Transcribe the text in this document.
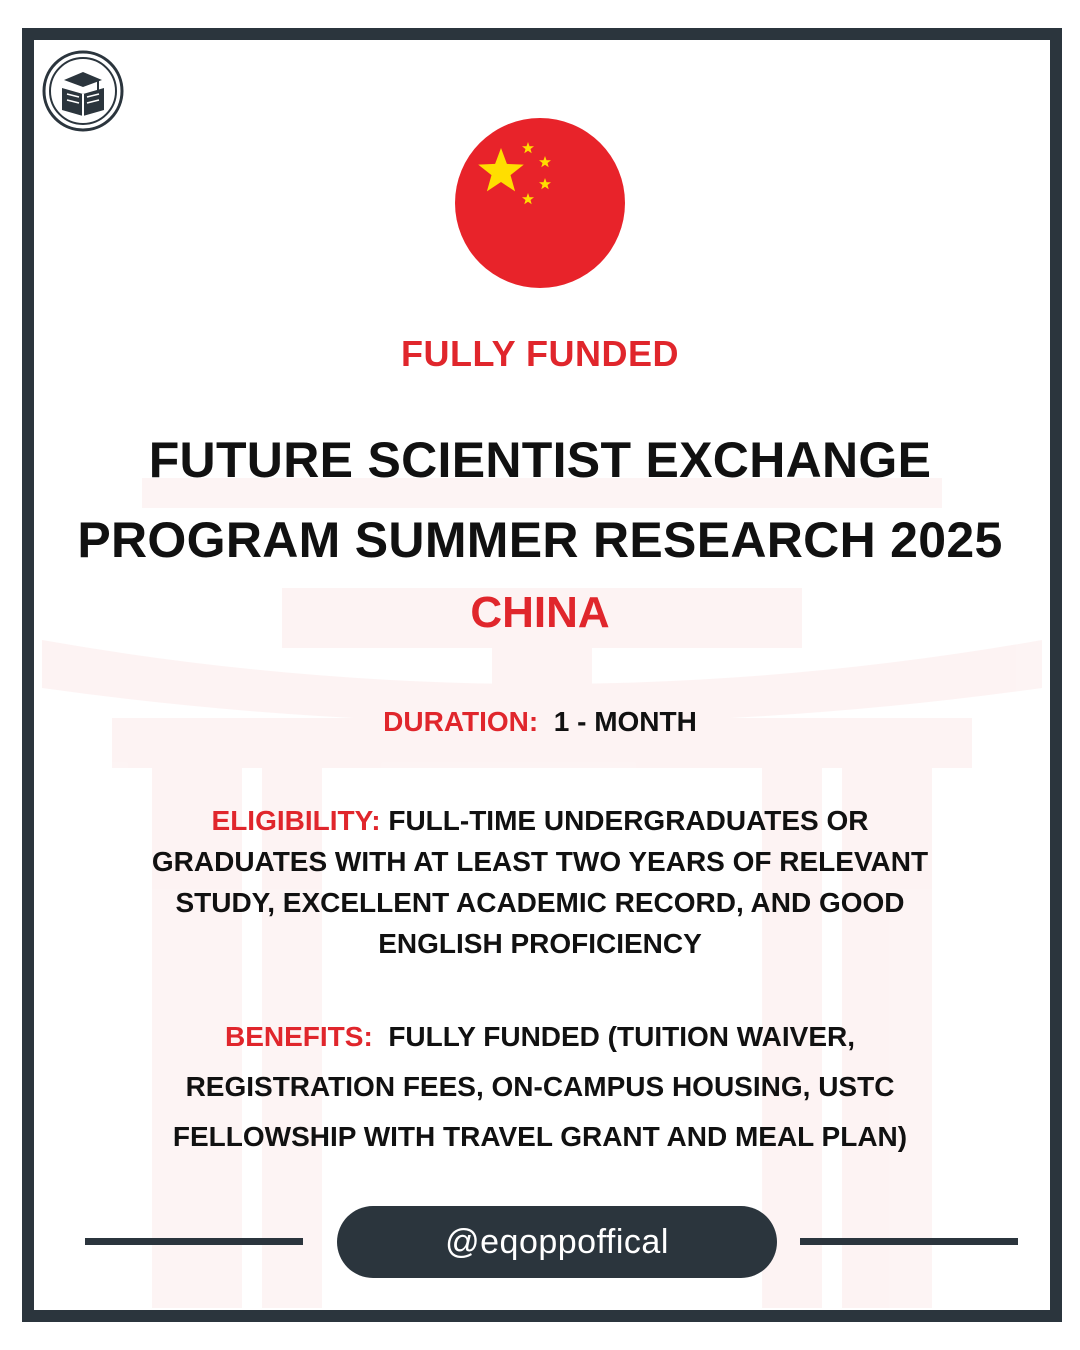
FULLY FUNDED
FUTURE SCIENTIST EXCHANGE
PROGRAM SUMMER RESEARCH 2025
CHINA
DURATION: 1 - MONTH
ELIGIBILITY: FULL-TIME UNDERGRADUATES OR GRADUATES WITH AT LEAST TWO YEARS OF RELEVANT STUDY, EXCELLENT ACADEMIC RECORD, AND GOOD ENGLISH PROFICIENCY
BENEFITS: FULLY FUNDED (TUITION WAIVER, REGISTRATION FEES, ON-CAMPUS HOUSING, USTC FELLOWSHIP WITH TRAVEL GRANT AND MEAL PLAN)
@eqoppoffical
